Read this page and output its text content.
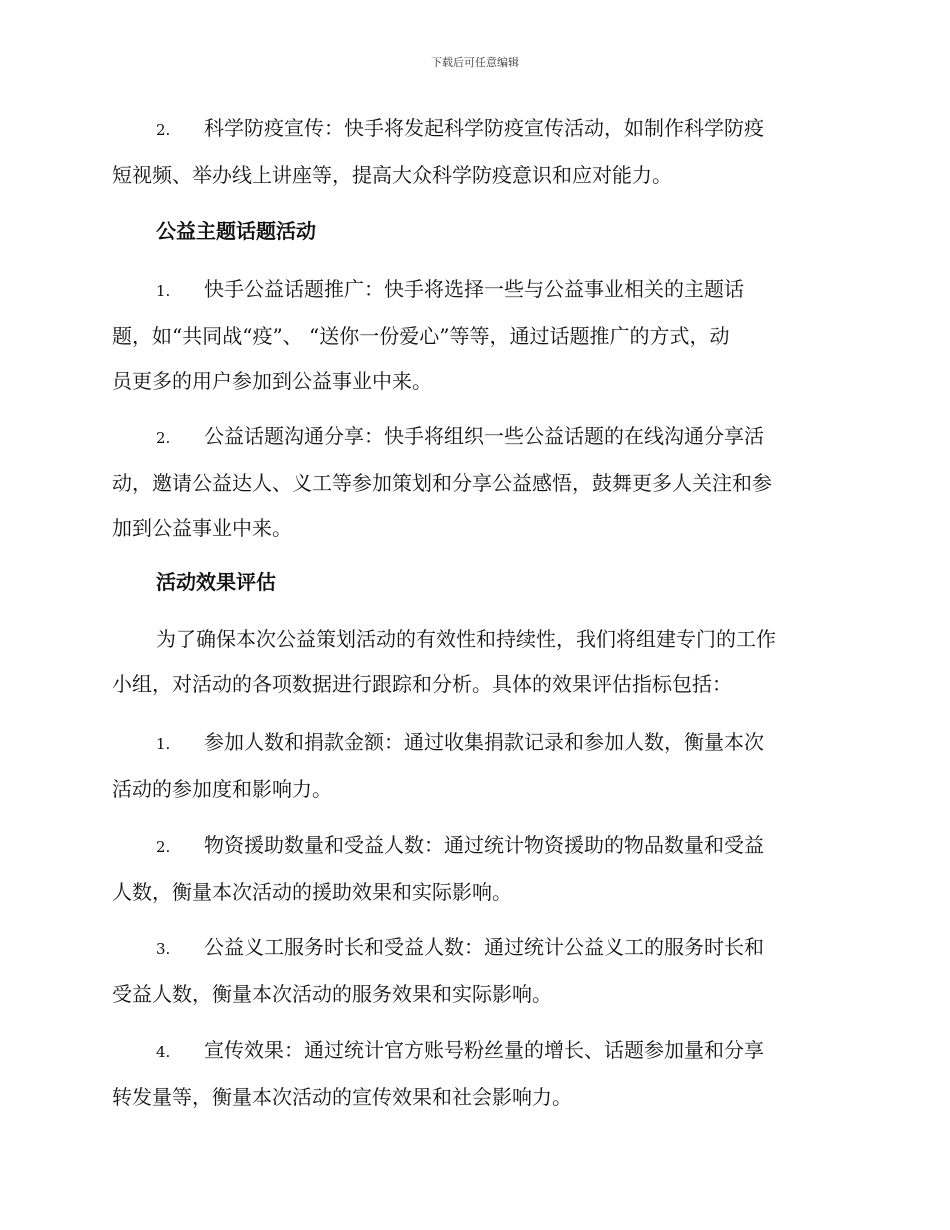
下载后可任意编辑
2. 科学防疫宣传：快手将发起科学防疫宣传活动，如制作科学防疫
短视频、举办线上讲座等，提高大众科学防疫意识和应对能力。
公益主题话题活动
1. 快手公益话题推广：快手将选择一些与公益事业相关的主题话
题，如“共同战“疫”、 “送你一份爱心”等等，通过话题推广的方式，动
员更多的用户参加到公益事业中来。
2. 公益话题沟通分享：快手将组织一些公益话题的在线沟通分享活
动，邀请公益达人、义工等参加策划和分享公益感悟，鼓舞更多人关注和参
加到公益事业中来。
活动效果评估
为了确保本次公益策划活动的有效性和持续性，我们将组建专门的工作
小组，对活动的各项数据进行跟踪和分析。具体的效果评估指标包括：
1. 参加人数和捐款金额：通过收集捐款记录和参加人数，衡量本次
活动的参加度和影响力。
2. 物资援助数量和受益人数：通过统计物资援助的物品数量和受益
人数，衡量本次活动的援助效果和实际影响。
3. 公益义工服务时长和受益人数：通过统计公益义工的服务时长和
受益人数，衡量本次活动的服务效果和实际影响。
4. 宣传效果：通过统计官方账号粉丝量的增长、话题参加量和分享
转发量等，衡量本次活动的宣传效果和社会影响力。
